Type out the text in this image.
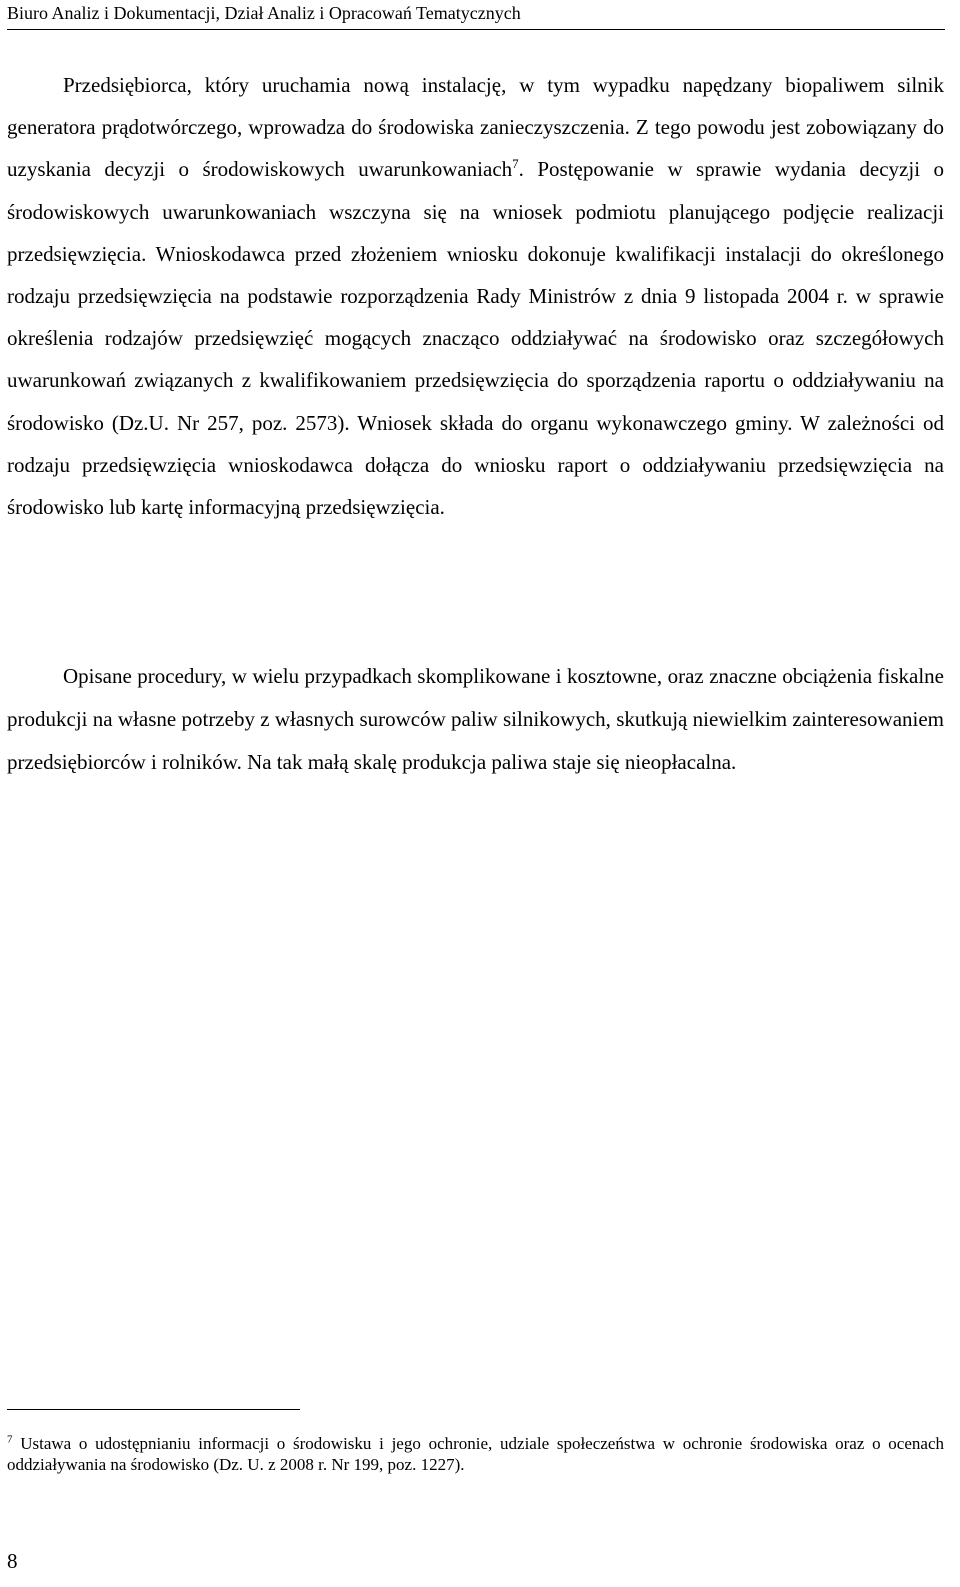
Biuro Analiz i Dokumentacji, Dział Analiz i Opracowań Tematycznych

Przedsiębiorca, który uruchamia nową instalację, w tym wypadku napędzany biopaliwem silnik generatora prądotwórczego, wprowadza do środowiska zanieczyszczenia. Z tego powodu jest zobowiązany do uzyskania decyzji o środowiskowych uwarunkowaniach$^7$. Postępowanie w sprawie wydania decyzji o środowiskowych uwarunkowaniach wszczyna się na wniosek podmiotu planującego podjęcie realizacji przedsięwzięcia. Wnioskodawca przed złożeniem wniosku dokonuje kwalifikacji instalacji do określonego rodzaju przedsięwzięcia na podstawie rozporządzenia Rady Ministrów z dnia 9 listopada 2004 r. w sprawie określenia rodzajów przedsięwzięć mogących znacząco oddziaływać na środowisko oraz szczegółowych uwarunkowań związanych z kwalifikowaniem przedsięwzięcia do sporządzenia raportu o oddziaływaniu na środowisko (Dz.U. Nr 257, poz. 2573). Wniosek składa do organu wykonawczego gminy. W zależności od rodzaju przedsięwzięcia wnioskodawca dołącza do wniosku raport o oddziaływaniu przedsięwzięcia na środowisko lub kartę informacyjną przedsięwzięcia.

Opisane procedury, w wielu przypadkach skomplikowane i kosztowne, oraz znaczne obciążenia fiskalne produkcji na własne potrzeby z własnych surowców paliw silnikowych, skutkują niewielkim zainteresowaniem przedsiębiorców i rolników. Na tak małą skalę produkcja paliwa staje się nieopłacalna.

$^7$ Ustawa o udostępnianiu informacji o środowisku i jego ochronie, udziale społeczeństwa w ochronie środowiska oraz o ocenach oddziaływania na środowisko (Dz. U. z 2008 r. Nr 199, poz. 1227).

8
